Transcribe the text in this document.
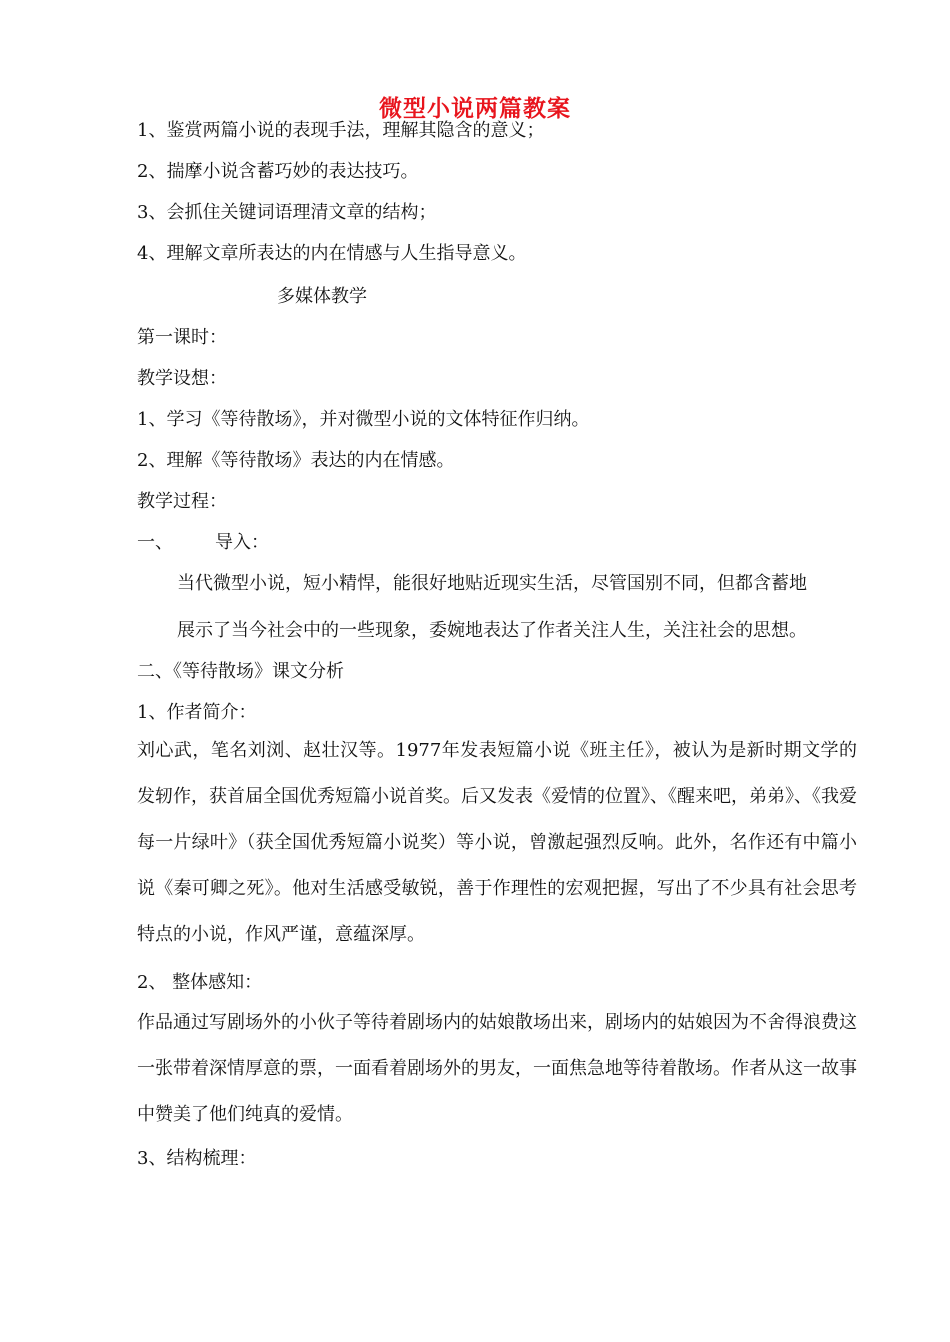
微型小说两篇教案
1、鉴赏两篇小说的表现手法，理解其隐含的意义；
2、揣摩小说含蓄巧妙的表达技巧。
3、会抓住关键词语理清文章的结构；
4、理解文章所表达的内在情感与人生指导意义。
多媒体教学
第一课时：
教学设想：
1、学习《等待散场》，并对微型小说的文体特征作归纳。
2、理解《等待散场》表达的内在情感。
教学过程：
一、 导入：
当代微型小说，短小精悍，能很好地贴近现实生活，尽管国别不同，但都含蓄地
展示了当今社会中的一些现象，委婉地表达了作者关注人生，关注社会的思想。
二、《等待散场》课文分析
1、作者简介：
刘心武，笔名刘浏、赵壮汉等。1977年发表短篇小说《班主任》，被认为是新时期文学的发轫作，获首届全国优秀短篇小说首奖。后又发表《爱情的位置》、《醒来吧，弟弟》、《我爱每一片绿叶》（获全国优秀短篇小说奖）等小说，曾激起强烈反响。此外，名作还有中篇小说《秦可卿之死》。他对生活感受敏锐，善于作理性的宏观把握，写出了不少具有社会思考特点的小说，作风严谨，意蕴深厚。
2、 整体感知：
作品通过写剧场外的小伙子等待着剧场内的姑娘散场出来，剧场内的姑娘因为不舍得浪费这一张带着深情厚意的票，一面看着剧场外的男友，一面焦急地等待着散场。作者从这一故事中赞美了他们纯真的爱情。
3、结构梳理：
